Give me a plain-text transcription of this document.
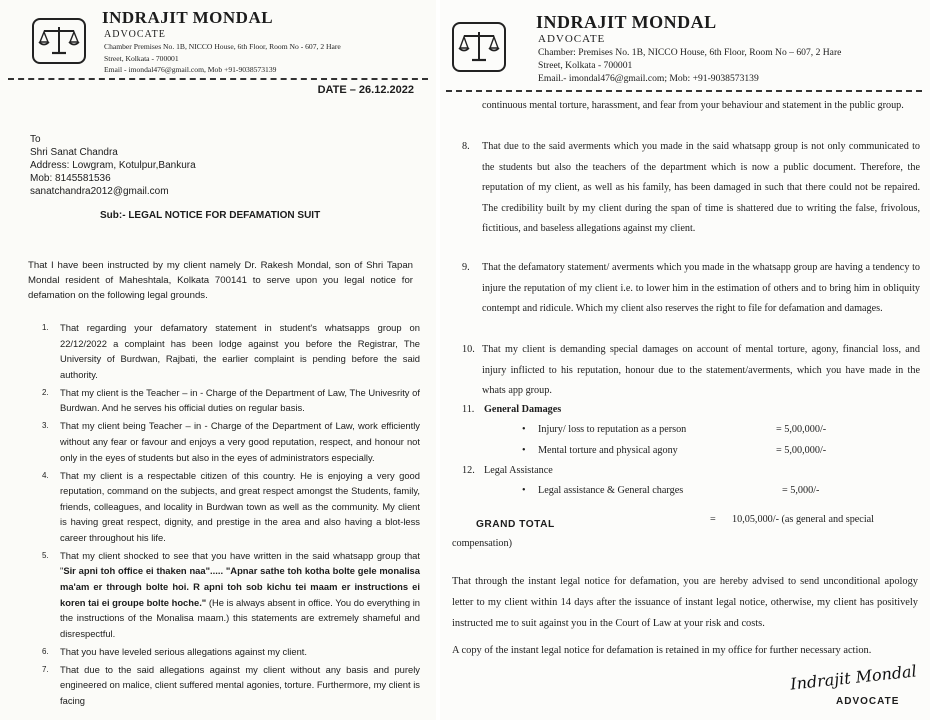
INDRAJIT MONDAL
ADVOCATE
Chamber Premises No. 1B, NICCO House, 6th Floor, Room No - 607, 2 Hare
Street, Kolkata - 700001
Email - imondal476@gmail.com, Mob +91-9038573139
DATE – 26.12.2022
To
Shri Sanat Chandra
Address: Lowgram, Kotulpur,Bankura
Mob: 8145581536
sanatchandra2012@gmail.com
Sub:- LEGAL NOTICE FOR DEFAMATION SUIT
That I have been instructed by my client namely Dr. Rakesh Mondal, son of Shri Tapan Mondal resident of Maheshtala, Kolkata 700141 to serve upon you legal notice for defamation on the following legal grounds.
1. That regarding your defamatory statement in student's whatsapps group on 22/12/2022 a complaint has been lodge against you before the Registrar, The University of Burdwan, Rajbati, the earlier complaint is pending before the said authority.
2. That my client is the Teacher – in - Charge of the Department of Law, The Univesrity of Burdwan. And he serves his official duties on regular basis.
3. That my client being Teacher – in - Charge of the Department of Law, work efficiently without any fear or favour and enjoys a very good reputation, respect, and honour not only in the eyes of students but also in the eyes of administrators especially.
4. That my client is a respectable citizen of this country. He is enjoying a very good reputation, command on the subjects, and great respect amongst the Students, family, friends, colleagues, and locality in Burdwan town as well as the community. My client is having great respect, dignity, and prestige in the area and also having a blot-less career throughout his life.
5. That my client shocked to see that you have written in the said whatsapp group that "Sir apni toh office ei thaken naa"..... "Apnar sathe toh kotha bolte gele monalisa ma'am er through bolte hoi. R apni toh sob kichu tei maam er instructions ei koren tai ei groupe bolte hoche." (He is always absent in office. You do everything in the instructions of the Monalisa maam.) this statements are extremely shameful and disrespectful.
6. That you have leveled serious allegations against my client.
7. That due to the said allegations against my client without any basis and purely engineered on malice, client suffered mental agonies, torture. Furthermore, my client is facing
INDRAJIT MONDAL
ADVOCATE
Chamber: Premises No. 1B, NICCO House, 6th Floor, Room No – 607, 2 Hare
Street, Kolkata - 700001
Email.- imondal476@gmail.com; Mob: +91-9038573139
continuous mental torture, harassment, and fear from your behaviour and statement in the public group.
8. That due to the said averments which you made in the said whatsapp group is not only communicated to the students but also the teachers of the department which is now a public document. Therefore, the reputation of my client, as well as his family, has been damaged in such that there could not be repaired. The credibility built by my client during the span of time is shattered due to writing the false, frivolous, fictitious, and baseless allegations against my client.
9. That the defamatory statement/ averments which you made in the whatsapp group are having a tendency to injure the reputation of my client i.e. to lower him in the estimation of others and to bring him in obliquity contempt and ridicule. Which my client also reserves the right to file for defamation and damages.
10. That my client is demanding special damages on account of mental torture, agony, financial loss, and injury inflicted to his reputation, honour due to the statement/averments, which you have made in the whats app group.
11. General Damages
• Injury/ loss to reputation as a person	= 5,00,000/-
• Mental torture and physical agony	= 5,00,000/-
12. Legal Assistance
• Legal assistance & General charges	= 5,000/-
GRAND TOTAL	= 10,05,000/- (as general and special
compensation)
That through the instant legal notice for defamation, you are hereby advised to send unconditional apology letter to my client within 14 days after the issuance of instant legal notice, otherwise, my client has positively instructed me to suit against you in the Court of Law at your risk and costs.
A copy of the instant legal notice for defamation is retained in my office for further necessary action.
Indrajit Mondal
ADVOCATE
